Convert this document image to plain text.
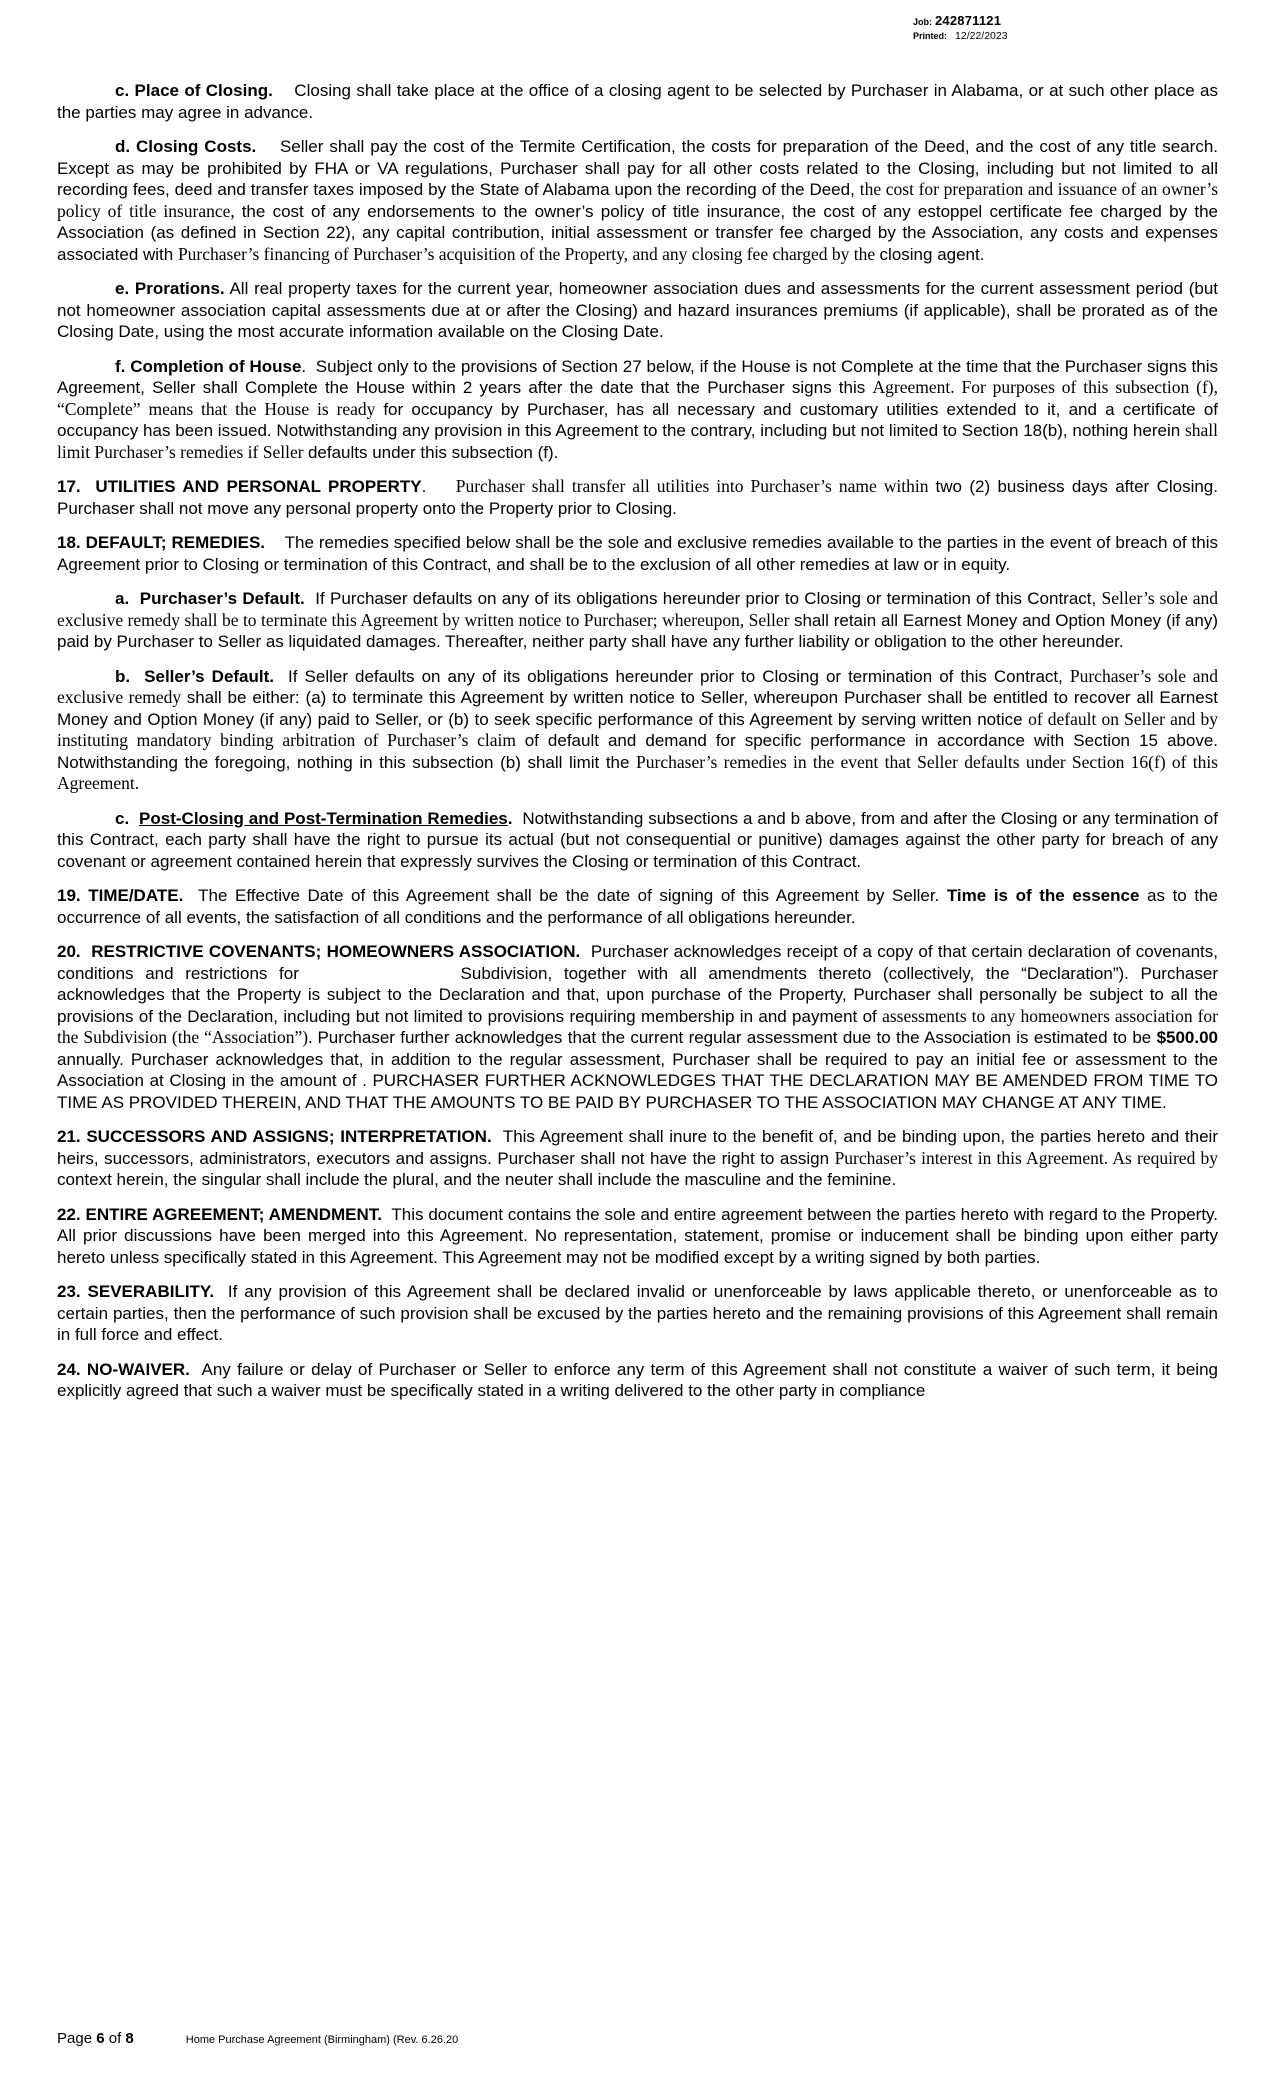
Job: 242871121
Printed: 12/22/2023

c. Place of Closing.    Closing shall take place at the office of a closing agent to be selected by Purchaser in Alabama, or at such other place as the parties may agree in advance.

d. Closing Costs.    Seller shall pay the cost of the Termite Certification, the costs for preparation of the Deed, and the cost of any title search. Except as may be prohibited by FHA or VA regulations, Purchaser shall pay for all other costs related to the Closing, including but not limited to all recording fees, deed and transfer taxes imposed by the State of Alabama upon the recording of the Deed, the cost for preparation and issuance of an owner’s policy of title insurance, the cost of any endorsements to the owner’s policy of title insurance, the cost of any estoppel certificate fee charged by the Association (as defined in Section 22), any capital contribution, initial assessment or transfer fee charged by the Association, any costs and expenses associated with Purchaser’s financing of Purchaser’s acquisition of the Property, and any closing fee charged by the closing agent.

e. Prorations. All real property taxes for the current year, homeowner association dues and assessments for the current assessment period (but not homeowner association capital assessments due at or after the Closing) and hazard insurances premiums (if applicable), shall be prorated as of the Closing Date, using the most accurate information available on the Closing Date.

f. Completion of House.  Subject only to the provisions of Section 27 below, if the House is not Complete at the time that the Purchaser signs this Agreement, Seller shall Complete the House within 2 years after the date that the Purchaser signs this Agreement. For purposes of this subsection (f), “Complete” means that the House is ready for occupancy by Purchaser, has all necessary and customary utilities extended to it, and a certificate of occupancy has been issued. Notwithstanding any provision in this Agreement to the contrary, including but not limited to Section 18(b), nothing herein shall limit Purchaser’s remedies if Seller defaults under this subsection (f).

17.  UTILITIES AND PERSONAL PROPERTY.    Purchaser shall transfer all utilities into Purchaser’s name within two (2) business days after Closing. Purchaser shall not move any personal property onto the Property prior to Closing.

18. DEFAULT; REMEDIES.    The remedies specified below shall be the sole and exclusive remedies available to the parties in the event of breach of this Agreement prior to Closing or termination of this Contract, and shall be to the exclusion of all other remedies at law or in equity.

a.  Purchaser’s Default.  If Purchaser defaults on any of its obligations hereunder prior to Closing or termination of this Contract, Seller’s sole and exclusive remedy shall be to terminate this Agreement by written notice to Purchaser; whereupon, Seller shall retain all Earnest Money and Option Money (if any) paid by Purchaser to Seller as liquidated damages. Thereafter, neither party shall have any further liability or obligation to the other hereunder.

b.  Seller’s Default.  If Seller defaults on any of its obligations hereunder prior to Closing or termination of this Contract, Purchaser’s sole and exclusive remedy shall be either: (a) to terminate this Agreement by written notice to Seller, whereupon Purchaser shall be entitled to recover all Earnest Money and Option Money (if any) paid to Seller, or (b) to seek specific performance of this Agreement by serving written notice of default on Seller and by instituting mandatory binding arbitration of Purchaser’s claim of default and demand for specific performance in accordance with Section 15 above. Notwithstanding the foregoing, nothing in this subsection (b) shall limit the Purchaser’s remedies in the event that Seller defaults under Section 16(f) of this Agreement.

c.  Post-Closing and Post-Termination Remedies.  Notwithstanding subsections a and b above, from and after the Closing or any termination of this Contract, each party shall have the right to pursue its actual (but not consequential or punitive) damages against the other party for breach of any covenant or agreement contained herein that expressly survives the Closing or termination of this Contract.

19. TIME/DATE.  The Effective Date of this Agreement shall be the date of signing of this Agreement by Seller. Time is of the essence as to the occurrence of all events, the satisfaction of all conditions and the performance of all obligations hereunder.

20.  RESTRICTIVE COVENANTS; HOMEOWNERS ASSOCIATION.  Purchaser acknowledges receipt of a copy of that certain declaration of covenants, conditions and restrictions for	Subdivision, together with all amendments thereto (collectively, the “Declaration”). Purchaser acknowledges that the Property is subject to the Declaration and that, upon purchase of the Property, Purchaser shall personally be subject to all the provisions of the Declaration, including but not limited to provisions requiring membership in and payment of assessments to any homeowners association for the Subdivision (the “Association”). Purchaser further acknowledges that the current regular assessment due to the Association is estimated to be $500.00 annually. Purchaser acknowledges that, in addition to the regular assessment, Purchaser shall be required to pay an initial fee or assessment to the Association at Closing in the amount of . PURCHASER FURTHER ACKNOWLEDGES THAT THE DECLARATION MAY BE AMENDED FROM TIME TO TIME AS PROVIDED THEREIN, AND THAT THE AMOUNTS TO BE PAID BY PURCHASER TO THE ASSOCIATION MAY CHANGE AT ANY TIME.

21. SUCCESSORS AND ASSIGNS; INTERPRETATION.  This Agreement shall inure to the benefit of, and be binding upon, the parties hereto and their heirs, successors, administrators, executors and assigns. Purchaser shall not have the right to assign Purchaser’s interest in this Agreement. As required by context herein, the singular shall include the plural, and the neuter shall include the masculine and the feminine.

22. ENTIRE AGREEMENT; AMENDMENT.  This document contains the sole and entire agreement between the parties hereto with regard to the Property. All prior discussions have been merged into this Agreement. No representation, statement, promise or inducement shall be binding upon either party hereto unless specifically stated in this Agreement. This Agreement may not be modified except by a writing signed by both parties.

23. SEVERABILITY.  If any provision of this Agreement shall be declared invalid or unenforceable by laws applicable thereto, or unenforceable as to certain parties, then the performance of such provision shall be excused by the parties hereto and the remaining provisions of this Agreement shall remain in full force and effect.

24. NO-WAIVER.  Any failure or delay of Purchaser or Seller to enforce any term of this Agreement shall not constitute a waiver of such term, it being explicitly agreed that such a waiver must be specifically stated in a writing delivered to the other party in compliance

Page 6 of 8	Home Purchase Agreement (Birmingham) (Rev. 6.26.20
